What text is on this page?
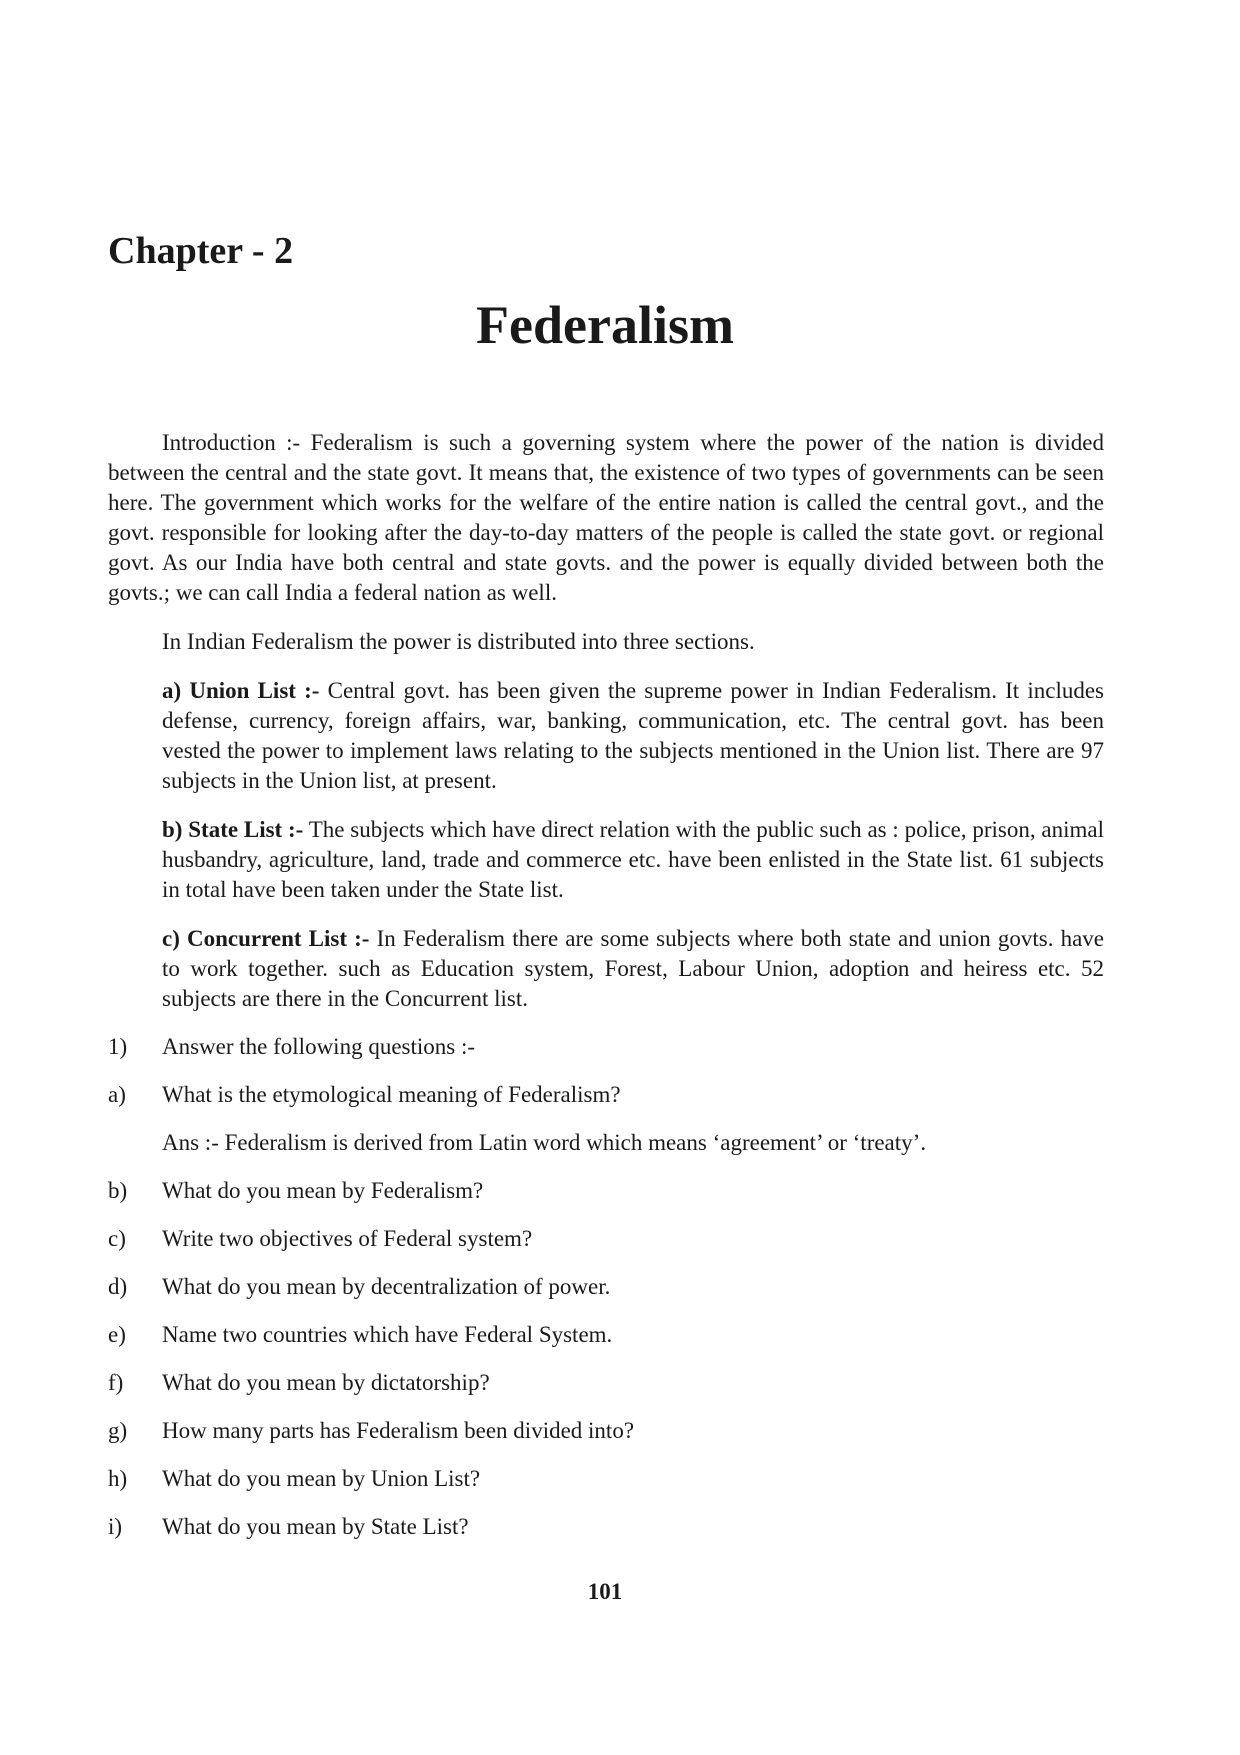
Chapter - 2
Federalism

Introduction :- Federalism is such a governing system where the power of the nation is divided between the central and the state govt. It means that, the existence of two types of governments can be seen here. The government which works for the welfare of the entire nation is called the central govt., and the govt. responsible for looking after the day-to-day matters of the people is called the state govt. or regional govt. As our India have both central and state govts. and the power is equally divided between both the govts.; we can call India a federal nation as well.

In Indian Federalism the power is distributed into three sections.

a) Union List :- Central govt. has been given the supreme power in Indian Federalism. It includes defense, currency, foreign affairs, war, banking, communication, etc. The central govt. has been vested the power to implement laws relating to the subjects mentioned in the Union list. There are 97 subjects in the Union list, at present.

b) State List :- The subjects which have direct relation with the public such as : police, prison, animal husbandry, agriculture, land, trade and commerce etc. have been enlisted in the State list. 61 subjects in total have been taken under the State list.

c) Concurrent List :- In Federalism there are some subjects where both state and union govts. have to work together. such as Education system, Forest, Labour Union, adoption and heiress etc. 52 subjects are there in the Concurrent list.

1)	Answer the following questions :-

a)	What is the etymological meaning of Federalism?

Ans :- Federalism is derived from Latin word which means ‘agreement’ or ‘treaty’.

b)	What do you mean by Federalism?

c)	Write two objectives of Federal system?

d)	What do you mean by decentralization of power.

e)	Name two countries which have Federal System.

f)	What do you mean by dictatorship?

g)	How many parts has Federalism been divided into?

h)	What do you mean by Union List?

i)	What do you mean by State List?

101
